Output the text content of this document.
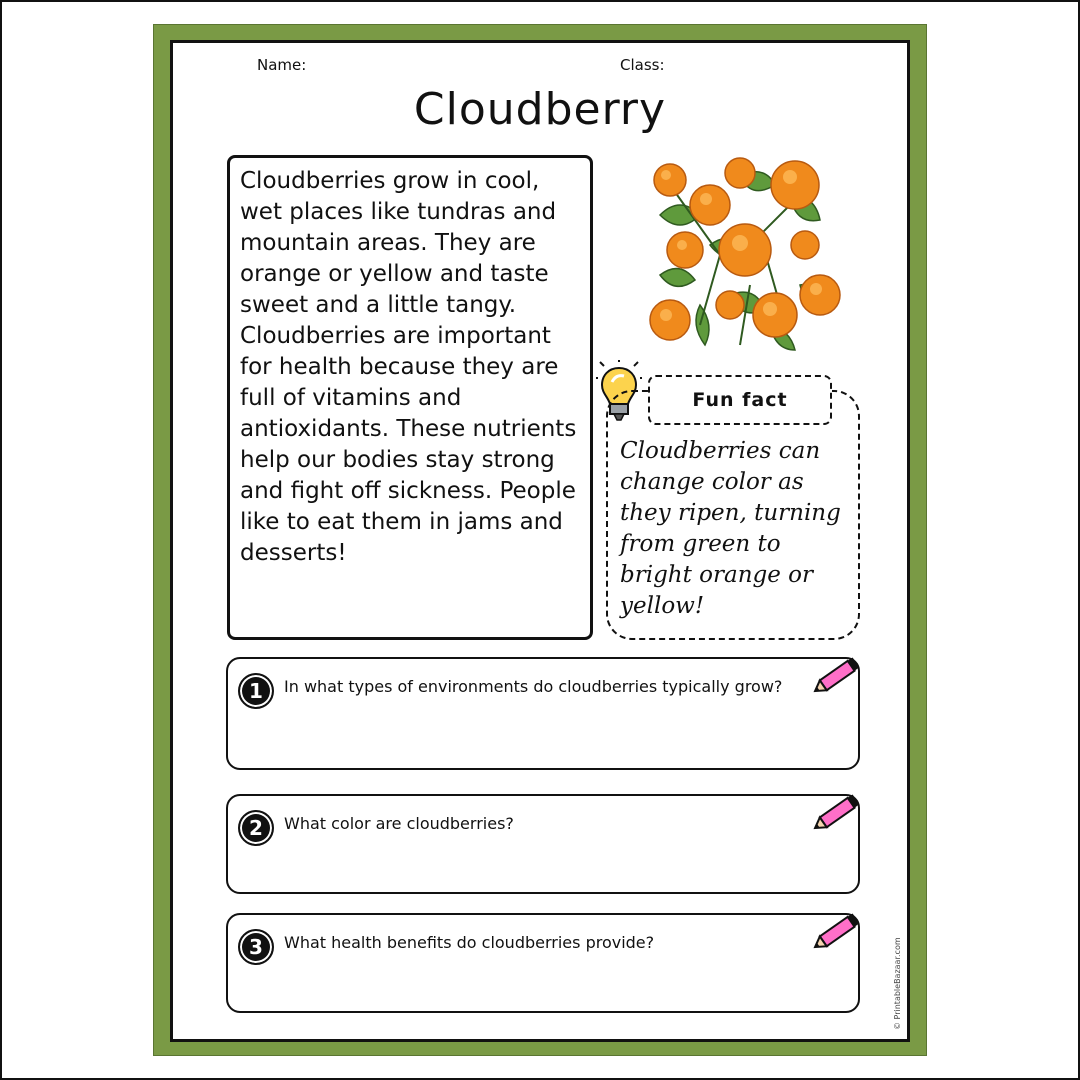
Name:	Class:
Cloudberry
Cloudberries grow in cool, wet places like tundras and mountain areas. They are orange or yellow and taste sweet and a little tangy. Cloudberries are important for health because they are full of vitamins and antioxidants. These nutrients help our bodies stay strong and fight off sickness. People like to eat them in jams and desserts!
Cloudberries can change color as they ripen, turning from green to bright orange or yellow!
Fun fact
1	In what types of environments do cloudberries typically grow?
2	What color are cloudberries?
3	What health benefits do cloudberries provide?	© PrintableBazaar.com
